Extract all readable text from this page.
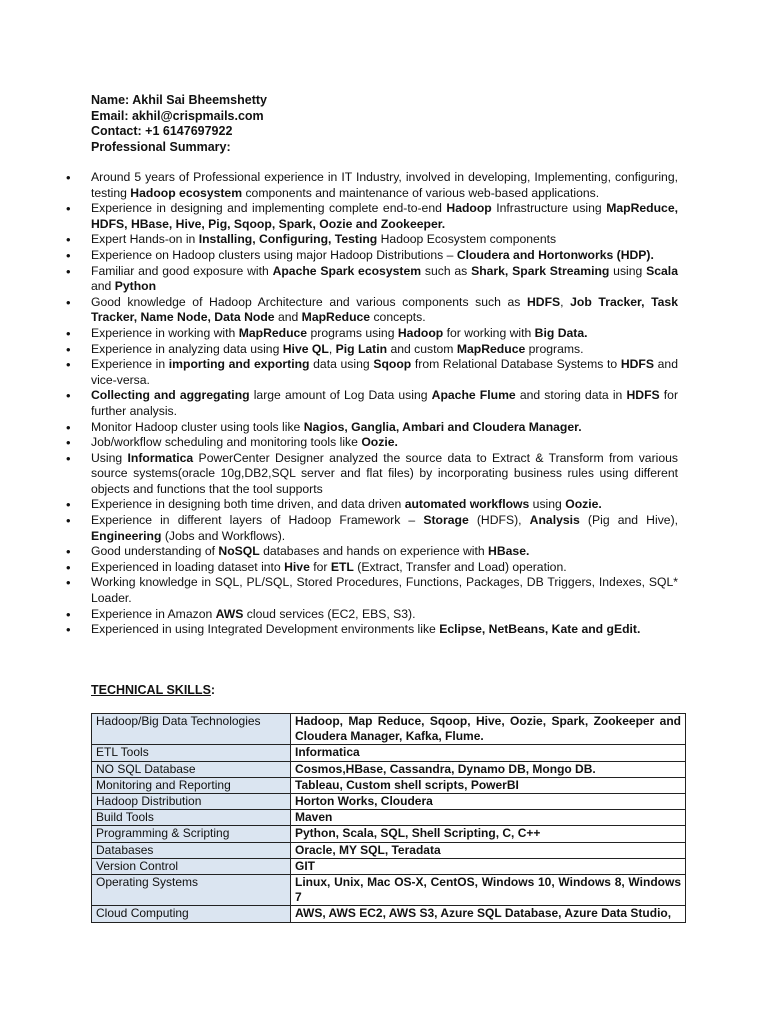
Name: Akhil Sai Bheemshetty
Email: akhil@crispmails.com
Contact: +1 6147697922
Professional Summary:
• Around 5 years of Professional experience in IT Industry, involved in developing, Implementing, configuring, testing Hadoop ecosystem components and maintenance of various web-based applications.
• Experience in designing and implementing complete end-to-end Hadoop Infrastructure using MapReduce, HDFS, HBase, Hive, Pig, Sqoop, Spark, Oozie and Zookeeper.
• Expert Hands-on in Installing, Configuring, Testing Hadoop Ecosystem components
• Experience on Hadoop clusters using major Hadoop Distributions – Cloudera and Hortonworks (HDP).
• Familiar and good exposure with Apache Spark ecosystem such as Shark, Spark Streaming using Scala and Python
• Good knowledge of Hadoop Architecture and various components such as HDFS, Job Tracker, Task Tracker, Name Node, Data Node and MapReduce concepts.
• Experience in working with MapReduce programs using Hadoop for working with Big Data.
• Experience in analyzing data using Hive QL, Pig Latin and custom MapReduce programs.
• Experience in importing and exporting data using Sqoop from Relational Database Systems to HDFS and vice-versa.
• Collecting and aggregating large amount of Log Data using Apache Flume and storing data in HDFS for further analysis.
• Monitor Hadoop cluster using tools like Nagios, Ganglia, Ambari and Cloudera Manager.
• Job/workflow scheduling and monitoring tools like Oozie.
• Using Informatica PowerCenter Designer analyzed the source data to Extract & Transform from various source systems(oracle 10g,DB2,SQL server and flat files) by incorporating business rules using different objects and functions that the tool supports
• Experience in designing both time driven, and data driven automated workflows using Oozie.
• Experience in different layers of Hadoop Framework – Storage (HDFS), Analysis (Pig and Hive), Engineering (Jobs and Workflows).
• Good understanding of NoSQL databases and hands on experience with HBase.
• Experienced in loading dataset into Hive for ETL (Extract, Transfer and Load) operation.
• Working knowledge in SQL, PL/SQL, Stored Procedures, Functions, Packages, DB Triggers, Indexes, SQL* Loader.
• Experience in Amazon AWS cloud services (EC2, EBS, S3).
• Experienced in using Integrated Development environments like Eclipse, NetBeans, Kate and gEdit.
TECHNICAL SKILLS:
Hadoop/Big Data Technologies	Hadoop, Map Reduce, Sqoop, Hive, Oozie, Spark, Zookeeper and Cloudera Manager, Kafka, Flume.
ETL Tools	Informatica
NO SQL Database	Cosmos,HBase, Cassandra, Dynamo DB, Mongo DB.
Monitoring and Reporting	Tableau, Custom shell scripts, PowerBI
Hadoop Distribution	Horton Works, Cloudera
Build Tools	Maven
Programming & Scripting	Python, Scala, SQL, Shell Scripting, C, C++
Databases	Oracle, MY SQL, Teradata
Version Control	GIT
Operating Systems	Linux, Unix, Mac OS-X, CentOS, Windows 10, Windows 8, Windows 7
Cloud Computing	AWS, AWS EC2, AWS S3, Azure SQL Database, Azure Data Studio,
